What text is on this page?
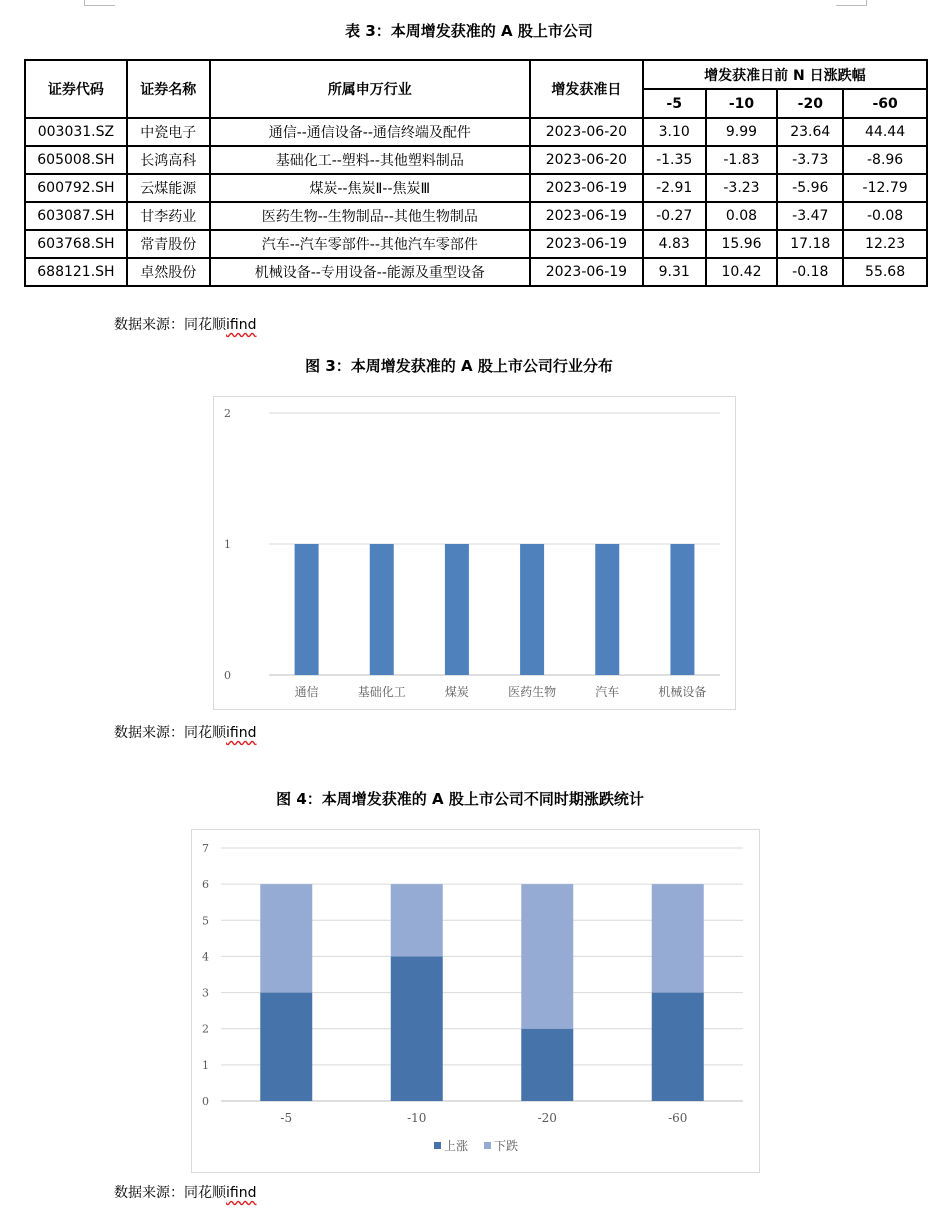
表 3：本周增发获准的 A 股上市公司
证券代码	证券名称	所属申万行业	增发获准日	增发获准日前 N 日涨跌幅			
				-5	-10	-20	-60
003031.SZ	中瓷电子	通信--通信设备--通信终端及配件	2023-06-20	3.10	9.99	23.64	44.44
605008.SH	长鸿高科	基础化工--塑料--其他塑料制品	2023-06-20	-1.35	-1.83	-3.73	-8.96
600792.SH	云煤能源	煤炭--焦炭Ⅱ--焦炭Ⅲ	2023-06-19	-2.91	-3.23	-5.96	-12.79
603087.SH	甘李药业	医药生物--生物制品--其他生物制品	2023-06-19	-0.27	0.08	-3.47	-0.08
603768.SH	常青股份	汽车--汽车零部件--其他汽车零部件	2023-06-19	4.83	15.96	17.18	12.23
688121.SH	卓然股份	机械设备--专用设备--能源及重型设备	2023-06-19	9.31	10.42	-0.18	55.68
数据来源：同花顺ifind
图 3：本周增发获准的 A 股上市公司行业分布
0
1
2
通信	基础化工	煤炭	医药生物	汽车	机械设备
数据来源：同花顺ifind
图 4：本周增发获准的 A 股上市公司不同时期涨跌统计
0
1
2
3
4
5
6
7
-5	-10	-20	-60
上涨 下跌
数据来源：同花顺ifind
